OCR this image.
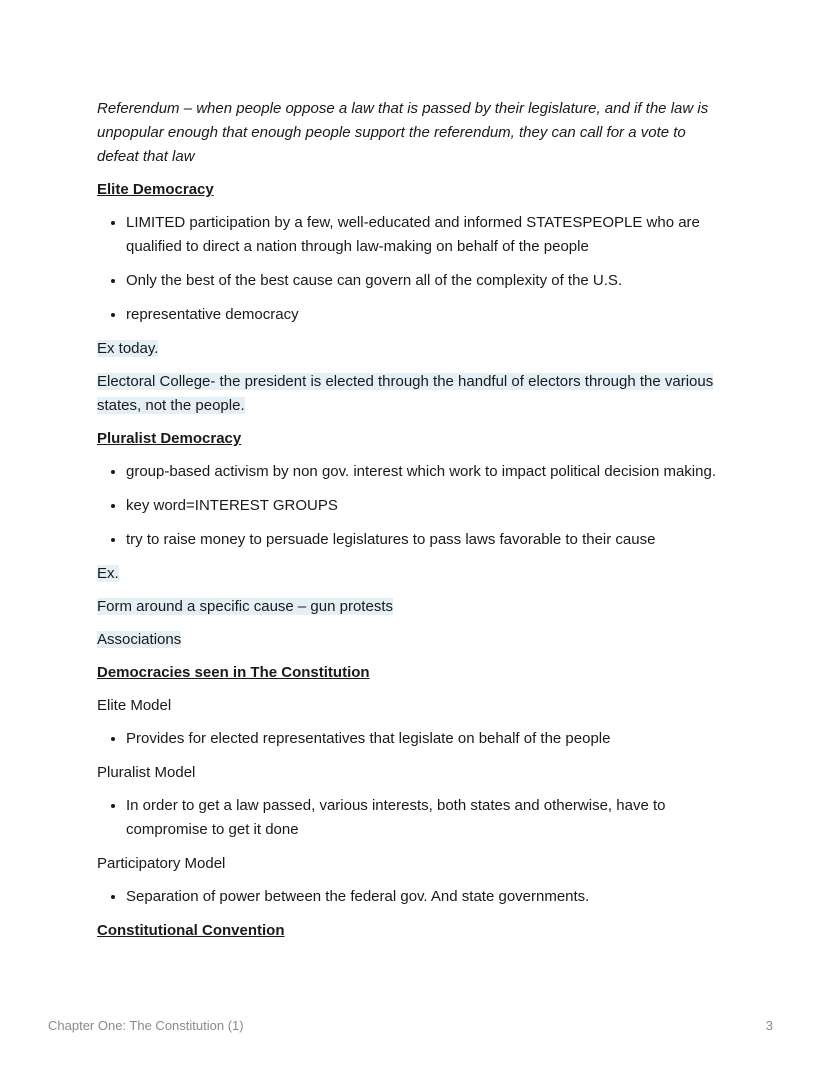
Referendum – when people oppose a law that is passed by their legislature, and if the law is unpopular enough that enough people support the referendum, they can call for a vote to defeat that law

Elite Democracy
• LIMITED participation by a few, well-educated and informed STATESPEOPLE who are qualified to direct a nation through law-making on behalf of the people
• Only the best of the best cause can govern all of the complexity of the U.S.
• representative democracy

Ex today.

Electoral College- the president is elected through the handful of electors through the various states, not the people.

Pluralist Democracy
• group-based activism by non gov. interest which work to impact political decision making.
• key word=INTEREST GROUPS
• try to raise money to persuade legislatures to pass laws favorable to their cause

Ex.

Form around a specific cause – gun protests

Associations

Democracies seen in The Constitution

Elite Model

• Provides for elected representatives that legislate on behalf of the people

Pluralist Model

• In order to get a law passed, various interests, both states and otherwise, have to compromise to get it done

Participatory Model

• Separation of power between the federal gov. And state governments.
Constitutional Convention
Chapter One: The Constitution (1)	3
